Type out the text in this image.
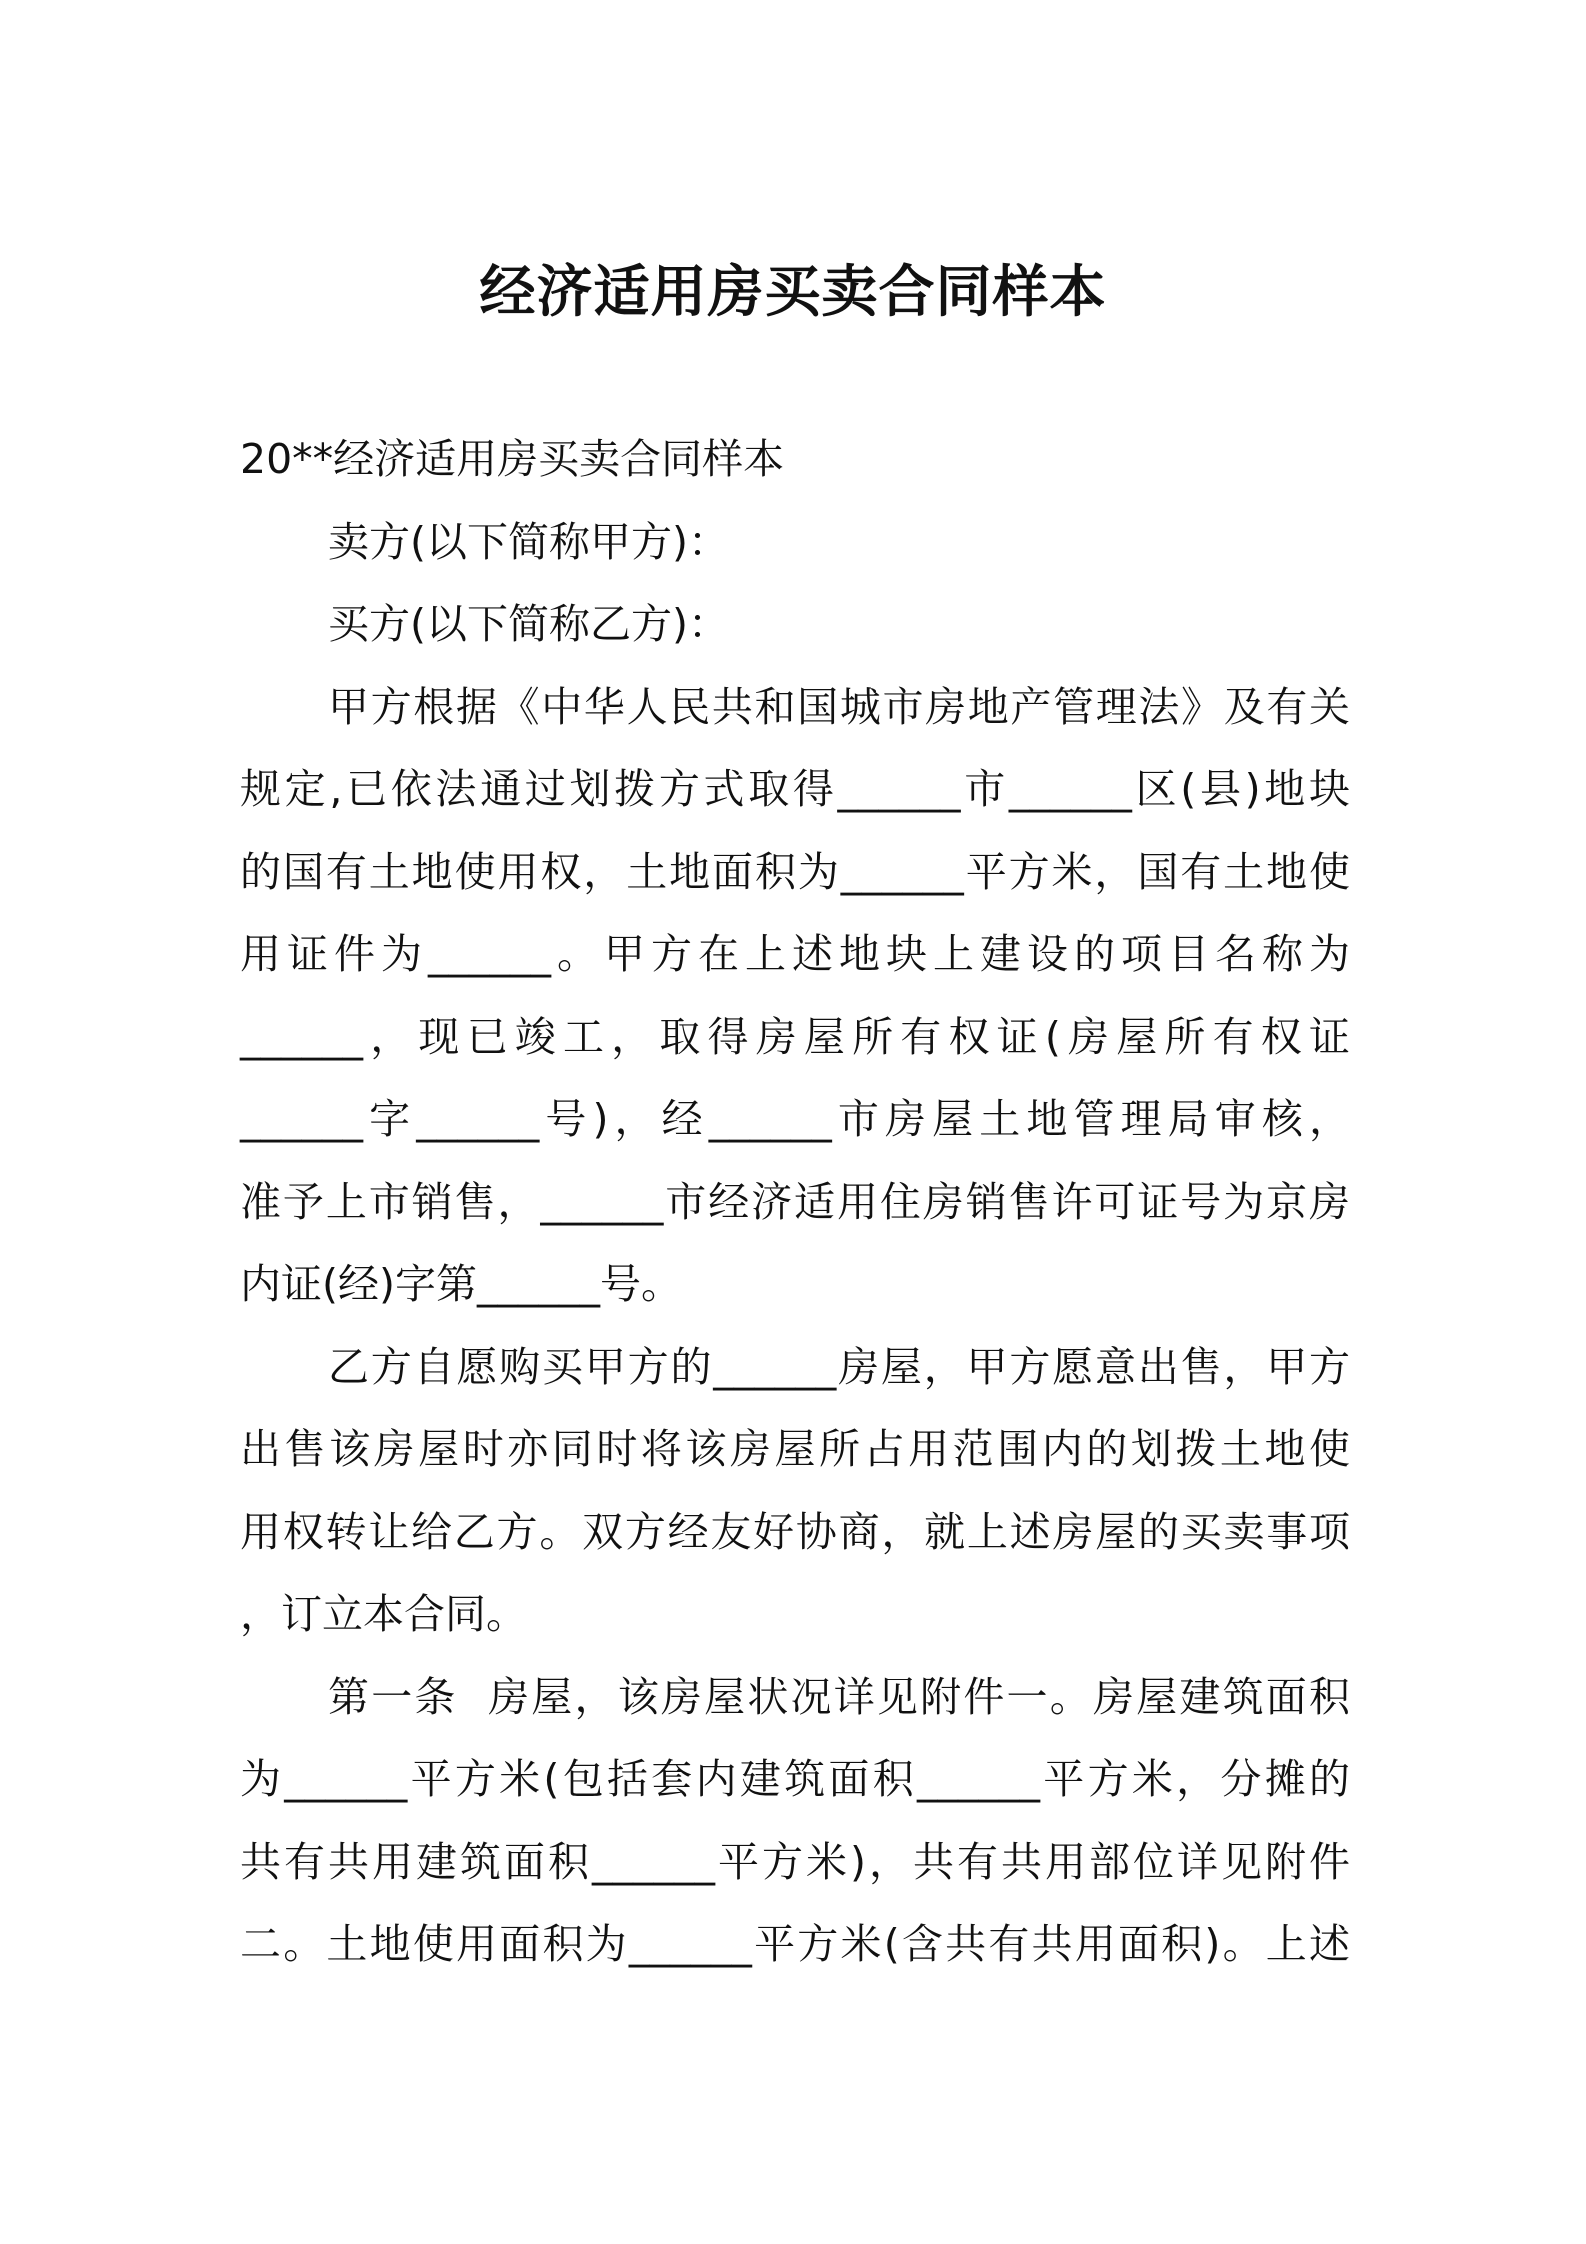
经济适用房买卖合同样本
20**经济适用房买卖合同样本
卖方(以下简称甲方)：
买方(以下简称乙方)：
甲方根据《中华人民共和国城市房地产管理法》及有关
规定,已依法通过划拨方式取得______市______区(县)地块
的国有土地使用权，土地面积为______平方米，国有土地使
用证件为______。甲方在上述地块上建设的项目名称为
______，现已竣工，取得房屋所有权证(房屋所有权证
______字______号)，经______市房屋土地管理局审核，
准予上市销售，______市经济适用住房销售许可证号为京房
内证(经)字第______号。
乙方自愿购买甲方的______房屋，甲方愿意出售，甲方
出售该房屋时亦同时将该房屋所占用范围内的划拨土地使
用权转让给乙方。双方经友好协商，就上述房屋的买卖事项
，订立本合同。
第一条  房屋，该房屋状况详见附件一。房屋建筑面积
为______平方米(包括套内建筑面积______平方米，分摊的
共有共用建筑面积______平方米)，共有共用部位详见附件
二。土地使用面积为______平方米(含共有共用面积)。上述
